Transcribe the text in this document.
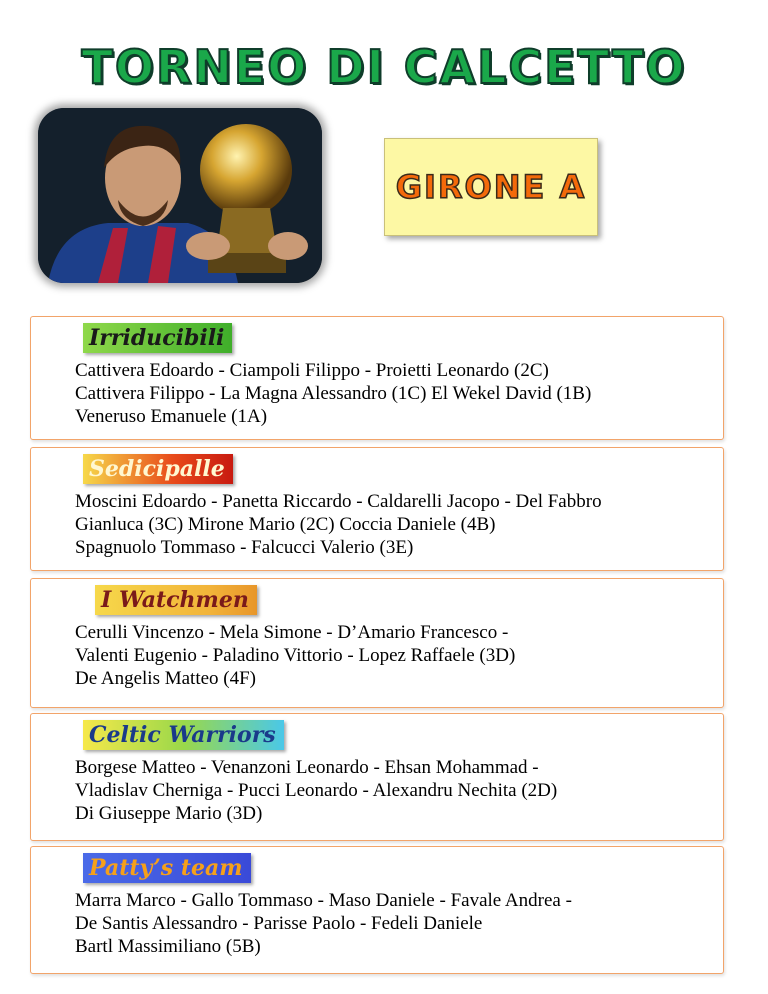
TORNEO DI CALCETTO
GIRONE A
Irriducibili
Cattivera Edoardo - Ciampoli Filippo - Proietti Leonardo (2C)
Cattivera Filippo - La Magna Alessandro (1C) El Wekel David (1B)
Veneruso Emanuele (1A)
Sedicipalle
Moscini Edoardo - Panetta Riccardo - Caldarelli Jacopo - Del Fabbro
Gianluca (3C) Mirone Mario (2C) Coccia Daniele (4B)
Spagnuolo Tommaso - Falcucci Valerio (3E)
I Watchmen
Cerulli Vincenzo - Mela Simone - D’Amario Francesco -
Valenti Eugenio - Paladino Vittorio - Lopez Raffaele (3D)
De Angelis Matteo (4F)
Celtic Warriors
Borgese Matteo - Venanzoni Leonardo - Ehsan Mohammad -
Vladislav Cherniga - Pucci Leonardo - Alexandru Nechita (2D)
Di Giuseppe Mario (3D)
Patty’s team
Marra Marco - Gallo Tommaso - Maso Daniele - Favale Andrea -
De Santis Alessandro - Parisse Paolo - Fedeli Daniele
Bartl Massimiliano (5B)
